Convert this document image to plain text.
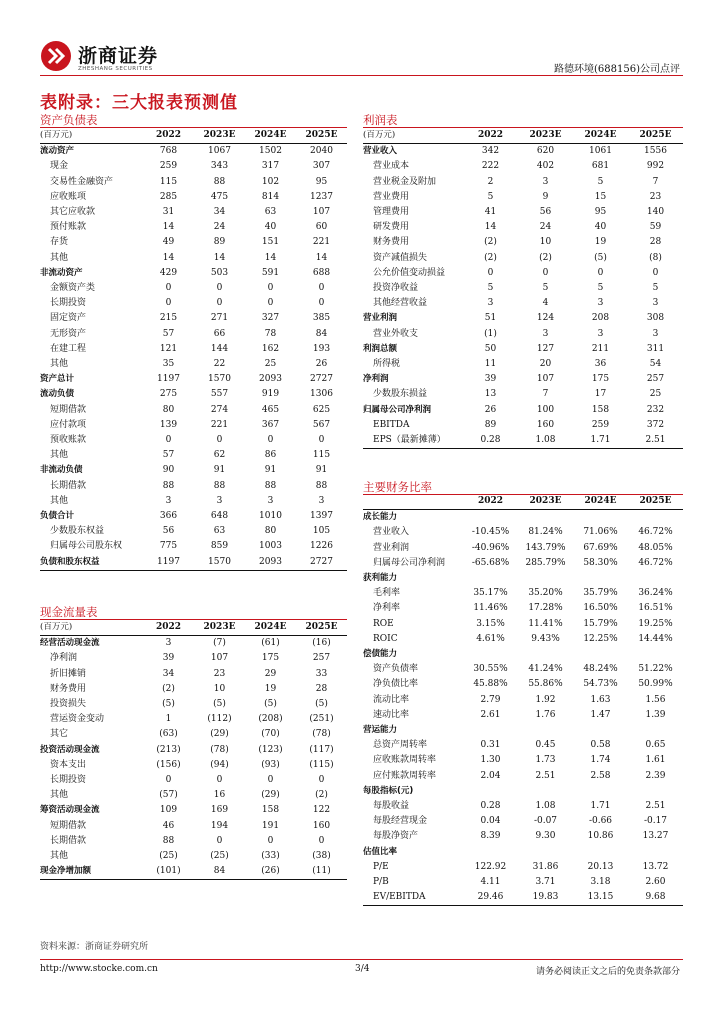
浙商证券
ZHESHANG SECURITIES	路德环境(688156)公司点评
表附录：三大报表预测值
资产负债表
(百万元)	2022	2023E	2024E	2025E
流动资产	768	1067	1502	2040
现金	259	343	317	307
交易性金融资产	115	88	102	95
应收账项	285	475	814	1237
其它应收款	31	34	63	107
预付账款	14	24	40	60
存货	49	89	151	221
其他	14	14	14	14
非流动资产	429	503	591	688
金额资产类	0	0	0	0
长期投资	0	0	0	0
固定资产	215	271	327	385
无形资产	57	66	78	84
在建工程	121	144	162	193
其他	35	22	25	26
资产总计	1197	1570	2093	2727
流动负债	275	557	919	1306
短期借款	80	274	465	625
应付款项	139	221	367	567
预收账款	0	0	0	0
其他	57	62	86	115
非流动负债	90	91	91	91
长期借款	88	88	88	88
其他	3	3	3	3
负债合计	366	648	1010	1397
少数股东权益	56	63	80	105
归属母公司股东权	775	859	1003	1226
负债和股东权益	1197	1570	2093	2727
利润表
(百万元)	2022	2023E	2024E	2025E
营业收入	342	620	1061	1556
营业成本	222	402	681	992
营业税金及附加	2	3	5	7
营业费用	5	9	15	23
管理费用	41	56	95	140
研发费用	14	24	40	59
财务费用	(2)	10	19	28
资产减值损失	(2)	(2)	(5)	(8)
公允价值变动损益	0	0	0	0
投资净收益	5	5	5	5
其他经营收益	3	4	3	3
营业利润	51	124	208	308
营业外收支	(1)	3	3	3
利润总额	50	127	211	311
所得税	11	20	36	54
净利润	39	107	175	257
少数股东损益	13	7	17	25
归属母公司净利润	26	100	158	232
EBITDA	89	160	259	372
EPS（最新摊薄）	0.28	1.08	1.71	2.51
现金流量表
(百万元)	2022	2023E	2024E	2025E
经营活动现金流	3	(7)	(61)	(16)
净利润	39	107	175	257
折旧摊销	34	23	29	33
财务费用	(2)	10	19	28
投资损失	(5)	(5)	(5)	(5)
营运资金变动	1	(112)	(208)	(251)
其它	(63)	(29)	(70)	(78)
投资活动现金流	(213)	(78)	(123)	(117)
资本支出	(156)	(94)	(93)	(115)
长期投资	0	0	0	0
其他	(57)	16	(29)	(2)
筹资活动现金流	109	169	158	122
短期借款	46	194	191	160
长期借款	88	0	0	0
其他	(25)	(25)	(33)	(38)
现金净增加额	(101)	84	(26)	(11)
主要财务比率
	2022	2023E	2024E	2025E
成长能力				
营业收入	-10.45%	81.24%	71.06%	46.72%
营业利润	-40.96%	143.79%	67.69%	48.05%
归属母公司净利润	-65.68%	285.79%	58.30%	46.72%
获利能力				
毛利率	35.17%	35.20%	35.79%	36.24%
净利率	11.46%	17.28%	16.50%	16.51%
ROE	3.15%	11.41%	15.79%	19.25%
ROIC	4.61%	9.43%	12.25%	14.44%
偿债能力				
资产负债率	30.55%	41.24%	48.24%	51.22%
净负债比率	45.88%	55.86%	54.73%	50.99%
流动比率	2.79	1.92	1.63	1.56
速动比率	2.61	1.76	1.47	1.39
营运能力				
总资产周转率	0.31	0.45	0.58	0.65
应收账款周转率	1.30	1.73	1.74	1.61
应付账款周转率	2.04	2.51	2.58	2.39
每股指标(元)				
每股收益	0.28	1.08	1.71	2.51
每股经营现金	0.04	-0.07	-0.66	-0.17
每股净资产	8.39	9.30	10.86	13.27
估值比率				
P/E	122.92	31.86	20.13	13.72
P/B	4.11	3.71	3.18	2.60
EV/EBITDA	29.46	19.83	13.15	9.68
资料来源：浙商证券研究所
http://www.stocke.com.cn	3/4	请务必阅读正文之后的免责条款部分
